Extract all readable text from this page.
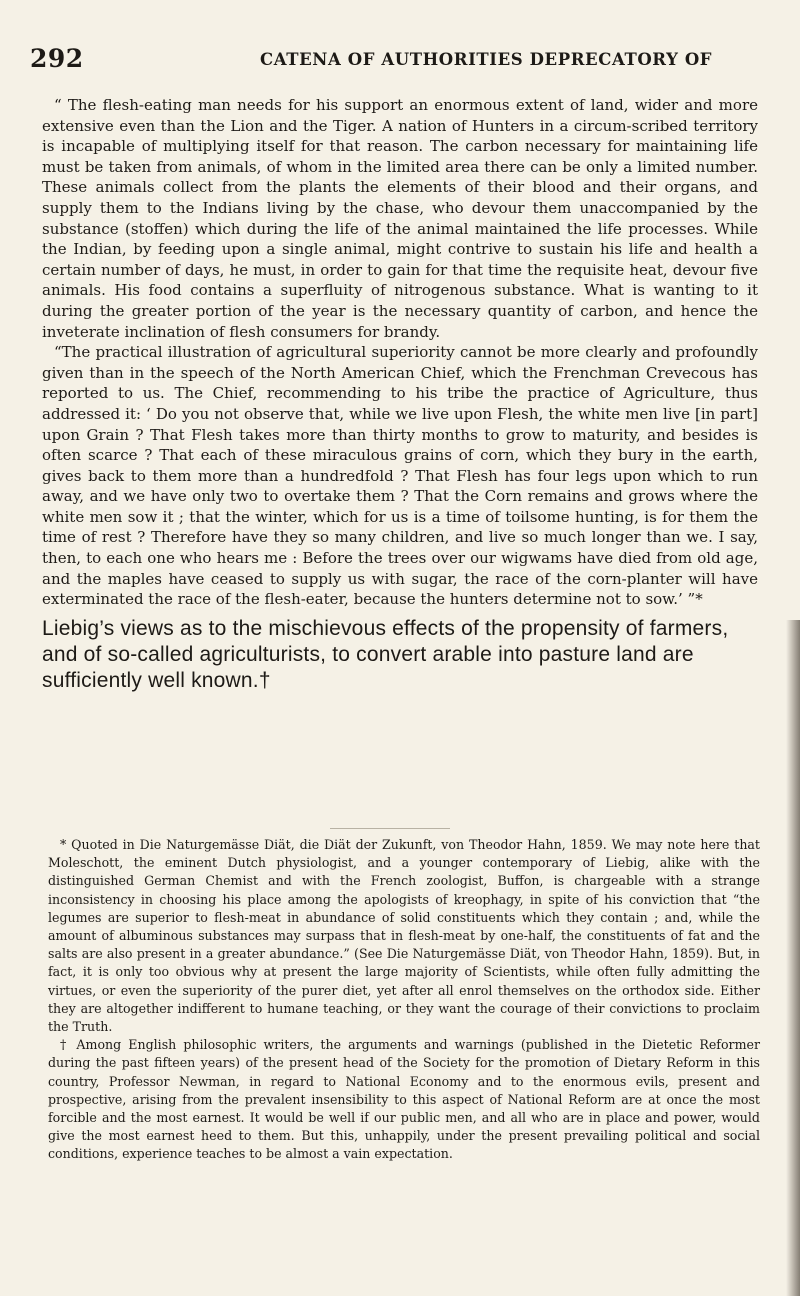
292	CATENA OF AUTHORITIES DEPRECATORY OF

“ The flesh-eating man needs for his support an enormous extent of land, wider and more extensive even than the Lion and the Tiger. A nation of Hunters in a circum-scribed territory is incapable of multiplying itself for that reason. The carbon necessary for maintaining life must be taken from animals, of whom in the limited area there can be only a limited number. These animals collect from the plants the elements of their blood and their organs, and supply them to the Indians living by the chase, who devour them unaccompanied by the substance (stoffen) which during the life of the animal maintained the life processes. While the Indian, by feeding upon a single animal, might contrive to sustain his life and health a certain number of days, he must, in order to gain for that time the requisite heat, devour five animals. His food contains a superfluity of nitrogenous substance. What is wanting to it during the greater portion of the year is the necessary quantity of carbon, and hence the inveterate inclination of flesh consumers for brandy.

“The practical illustration of agricultural superiority cannot be more clearly and profoundly given than in the speech of the North American Chief, which the Frenchman Crevecous has reported to us. The Chief, recommending to his tribe the practice of Agriculture, thus addressed it: ‘ Do you not observe that, while we live upon Flesh, the white men live [in part] upon Grain ? That Flesh takes more than thirty months to grow to maturity, and besides is often scarce ? That each of these miraculous grains of corn, which they bury in the earth, gives back to them more than a hundredfold ? That Flesh has four legs upon which to run away, and we have only two to overtake them ? That the Corn remains and grows where the white men sow it ; that the winter, which for us is a time of toilsome hunting, is for them the time of rest ? Therefore have they so many children, and live so much longer than we. I say, then, to each one who hears me : Before the trees over our wigwams have died from old age, and the maples have ceased to supply us with sugar, the race of the corn-planter will have exterminated the race of the flesh-eater, because the hunters determine not to sow.’ ”*

Liebig’s views as to the mischievous effects of the propensity of farmers, and of so-called agriculturists, to convert arable into pasture land are sufficiently well known.†

* Quoted in Die Naturgemässe Diät, die Diät der Zukunft, von Theodor Hahn, 1859. We may note here that Moleschott, the eminent Dutch physiologist, and a younger contemporary of Liebig, alike with the distinguished German Chemist and with the French zoologist, Buffon, is chargeable with a strange inconsistency in choosing his place among the apologists of kreophagy, in spite of his conviction that “the legumes are superior to flesh-meat in abundance of solid constituents which they contain ; and, while the amount of albuminous substances may surpass that in flesh-meat by one-half, the constituents of fat and the salts are also present in a greater abundance.” (See Die Naturgemässe Diät, von Theodor Hahn, 1859). But, in fact, it is only too obvious why at present the large majority of Scientists, while often fully admitting the virtues, or even the superiority of the purer diet, yet after all enrol themselves on the orthodox side. Either they are altogether indifferent to humane teaching, or they want the courage of their convictions to proclaim the Truth.

† Among English philosophic writers, the arguments and warnings (published in the Dietetic Reformer during the past fifteen years) of the present head of the Society for the promotion of Dietary Reform in this country, Professor Newman, in regard to National Economy and to the enormous evils, present and prospective, arising from the prevalent insensibility to this aspect of National Reform are at once the most forcible and the most earnest. It would be well if our public men, and all who are in place and power, would give the most earnest heed to them. But this, unhappily, under the present prevailing political and social conditions, experience teaches to be almost a vain expectation.
